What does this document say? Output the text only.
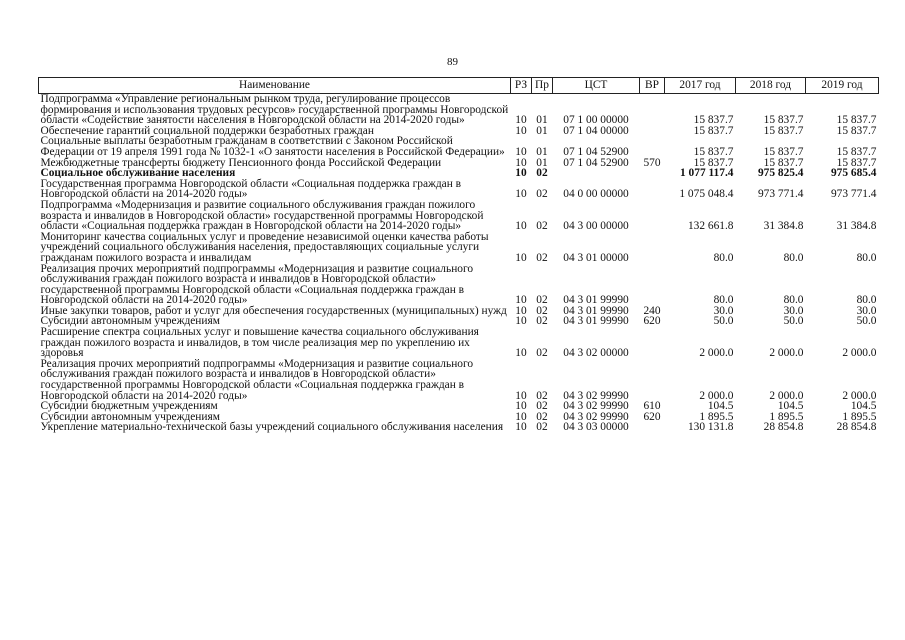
89
Наименование	РЗ	Пр	ЦСТ	ВР	2017 год	2018 год	2019 год
Подпрограмма «Управление региональным рынком труда, регулирование процессов формирования и использования трудовых ресурсов» государственной программы Новгородской области «Содействие занятости населения в Новгородской области на 2014-2020 годы»	10	01	07 1 00 00000		15 837.7	15 837.7	15 837.7
Обеспечение гарантий социальной поддержки безработных граждан	10	01	07 1 04 00000		15 837.7	15 837.7	15 837.7
Социальные выплаты безработным гражданам в соответствии с Законом Российской Федерации от 19 апреля 1991 года № 1032-1 «О занятости населения в Российской Федерации»	10	01	07 1 04 52900		15 837.7	15 837.7	15 837.7
Межбюджетные трансферты бюджету Пенсионного фонда Российской Федерации	10	01	07 1 04 52900	570	15 837.7	15 837.7	15 837.7
Социальное обслуживание населения	10	02			1 077 117.4	975 825.4	975 685.4
Государственная программа Новгородской области «Социальная поддержка граждан в Новгородской области на 2014-2020 годы»	10	02	04 0 00 00000		1 075 048.4	973 771.4	973 771.4
Подпрограмма «Модернизация и развитие социального обслуживания граждан пожилого возраста и инвалидов в Новгородской области» государственной программы Новгородской области «Социальная поддержка граждан в Новгородской области на 2014-2020 годы»	10	02	04 3 00 00000		132 661.8	31 384.8	31 384.8
Мониторинг качества социальных услуг и проведение независимой оценки качества работы учреждений социального обслуживания населения, предоставляющих социальные услуги гражданам пожилого возраста и инвалидам	10	02	04 3 01 00000		80.0	80.0	80.0
Реализация прочих мероприятий подпрограммы «Модернизация и развитие социального обслуживания граждан пожилого возраста и инвалидов в Новгородской области» государственной программы Новгородской области «Социальная поддержка граждан в Новгородской области на 2014-2020 годы»	10	02	04 3 01 99990		80.0	80.0	80.0
Иные закупки товаров, работ и услуг для обеспечения государственных (муниципальных) нужд	10	02	04 3 01 99990	240	30.0	30.0	30.0
Субсидии автономным учреждениям	10	02	04 3 01 99990	620	50.0	50.0	50.0
Расширение спектра социальных услуг и повышение качества социального обслуживания граждан пожилого возраста и инвалидов, в том числе реализация мер по укреплению их здоровья	10	02	04 3 02 00000		2 000.0	2 000.0	2 000.0
Реализация прочих мероприятий подпрограммы «Модернизация и развитие социального обслуживания граждан пожилого возраста и инвалидов в Новгородской области» государственной программы Новгородской области «Социальная поддержка граждан в Новгородской области на 2014-2020 годы»	10	02	04 3 02 99990		2 000.0	2 000.0	2 000.0
Субсидии бюджетным учреждениям	10	02	04 3 02 99990	610	104.5	104.5	104.5
Субсидии автономным учреждениям	10	02	04 3 02 99990	620	1 895.5	1 895.5	1 895.5
Укрепление материально-технической базы учреждений социального обслуживания населения	10	02	04 3 03 00000		130 131.8	28 854.8	28 854.8
